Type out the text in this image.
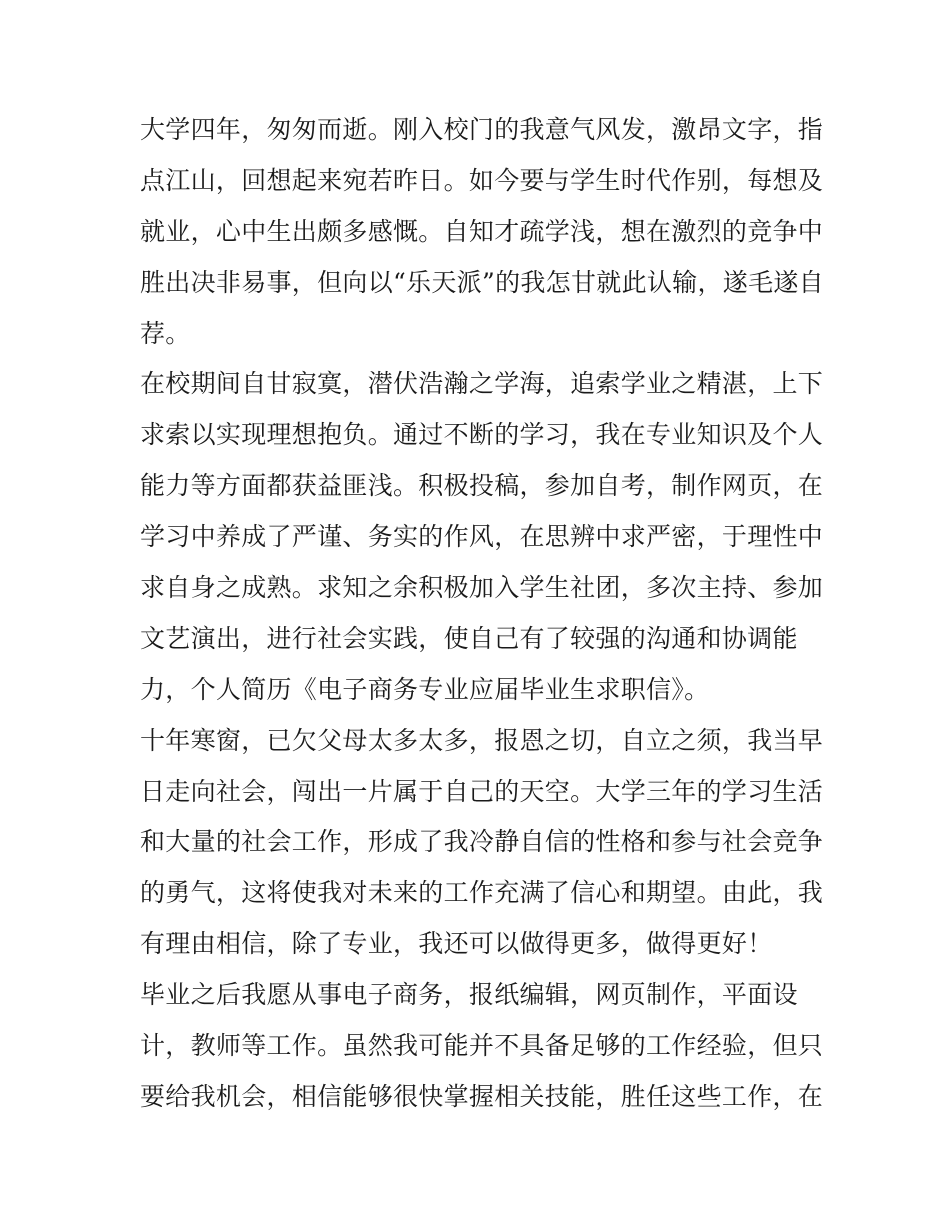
大学四年，匆匆而逝。刚入校门的我意气风发，激昂文字，指
点江山，回想起来宛若昨日。如今要与学生时代作别，每想及
就业，心中生出颇多感慨。自知才疏学浅，想在激烈的竞争中
胜出决非易事，但向以“乐天派”的我怎甘就此认输，遂毛遂自
荐。
在校期间自甘寂寞，潜伏浩瀚之学海，追索学业之精湛，上下
求索以实现理想抱负。通过不断的学习，我在专业知识及个人
能力等方面都获益匪浅。积极投稿，参加自考，制作网页，在
学习中养成了严谨、务实的作风，在思辨中求严密，于理性中
求自身之成熟。求知之余积极加入学生社团，多次主持、参加
文艺演出，进行社会实践，使自己有了较强的沟通和协调能
力，个人简历《电子商务专业应届毕业生求职信》。
十年寒窗，已欠父母太多太多，报恩之切，自立之须，我当早
日走向社会，闯出一片属于自己的天空。大学三年的学习生活
和大量的社会工作，形成了我冷静自信的性格和参与社会竞争
的勇气，这将使我对未来的工作充满了信心和期望。由此，我
有理由相信，除了专业，我还可以做得更多，做得更好！
毕业之后我愿从事电子商务，报纸编辑，网页制作，平面设
计，教师等工作。虽然我可能并不具备足够的工作经验，但只
要给我机会，相信能够很快掌握相关技能，胜任这些工作，在
